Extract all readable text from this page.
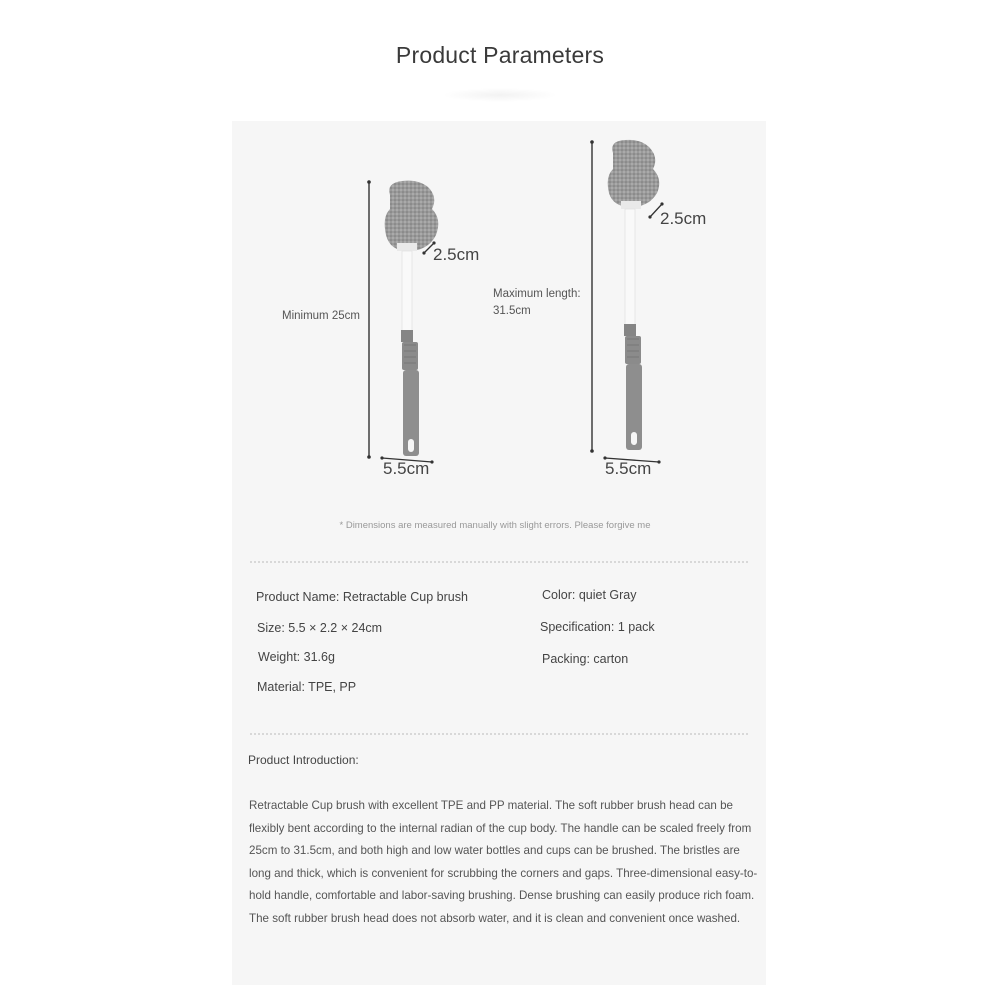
Product Parameters
Minimum 25cm
2.5cm
5.5cm
Maximum length:
31.5cm
2.5cm
5.5cm
* Dimensions are measured manually with slight errors. Please forgive me
Product Name: Retractable Cup brush
Size: 5.5 × 2.2 × 24cm
Weight: 31.6g
Material: TPE, PP
Color: quiet Gray
Specification: 1 pack
Packing: carton
Product Introduction:
Retractable Cup brush with excellent TPE and PP material. The soft rubber brush head can be flexibly bent according to the internal radian of the cup body. The handle can be scaled freely from 25cm to 31.5cm, and both high and low water bottles and cups can be brushed. The bristles are long and thick, which is convenient for scrubbing the corners and gaps. Three-dimensional easy-to-hold handle, comfortable and labor-saving brushing. Dense brushing can easily produce rich foam. The soft rubber brush head does not absorb water, and it is clean and convenient once washed.
